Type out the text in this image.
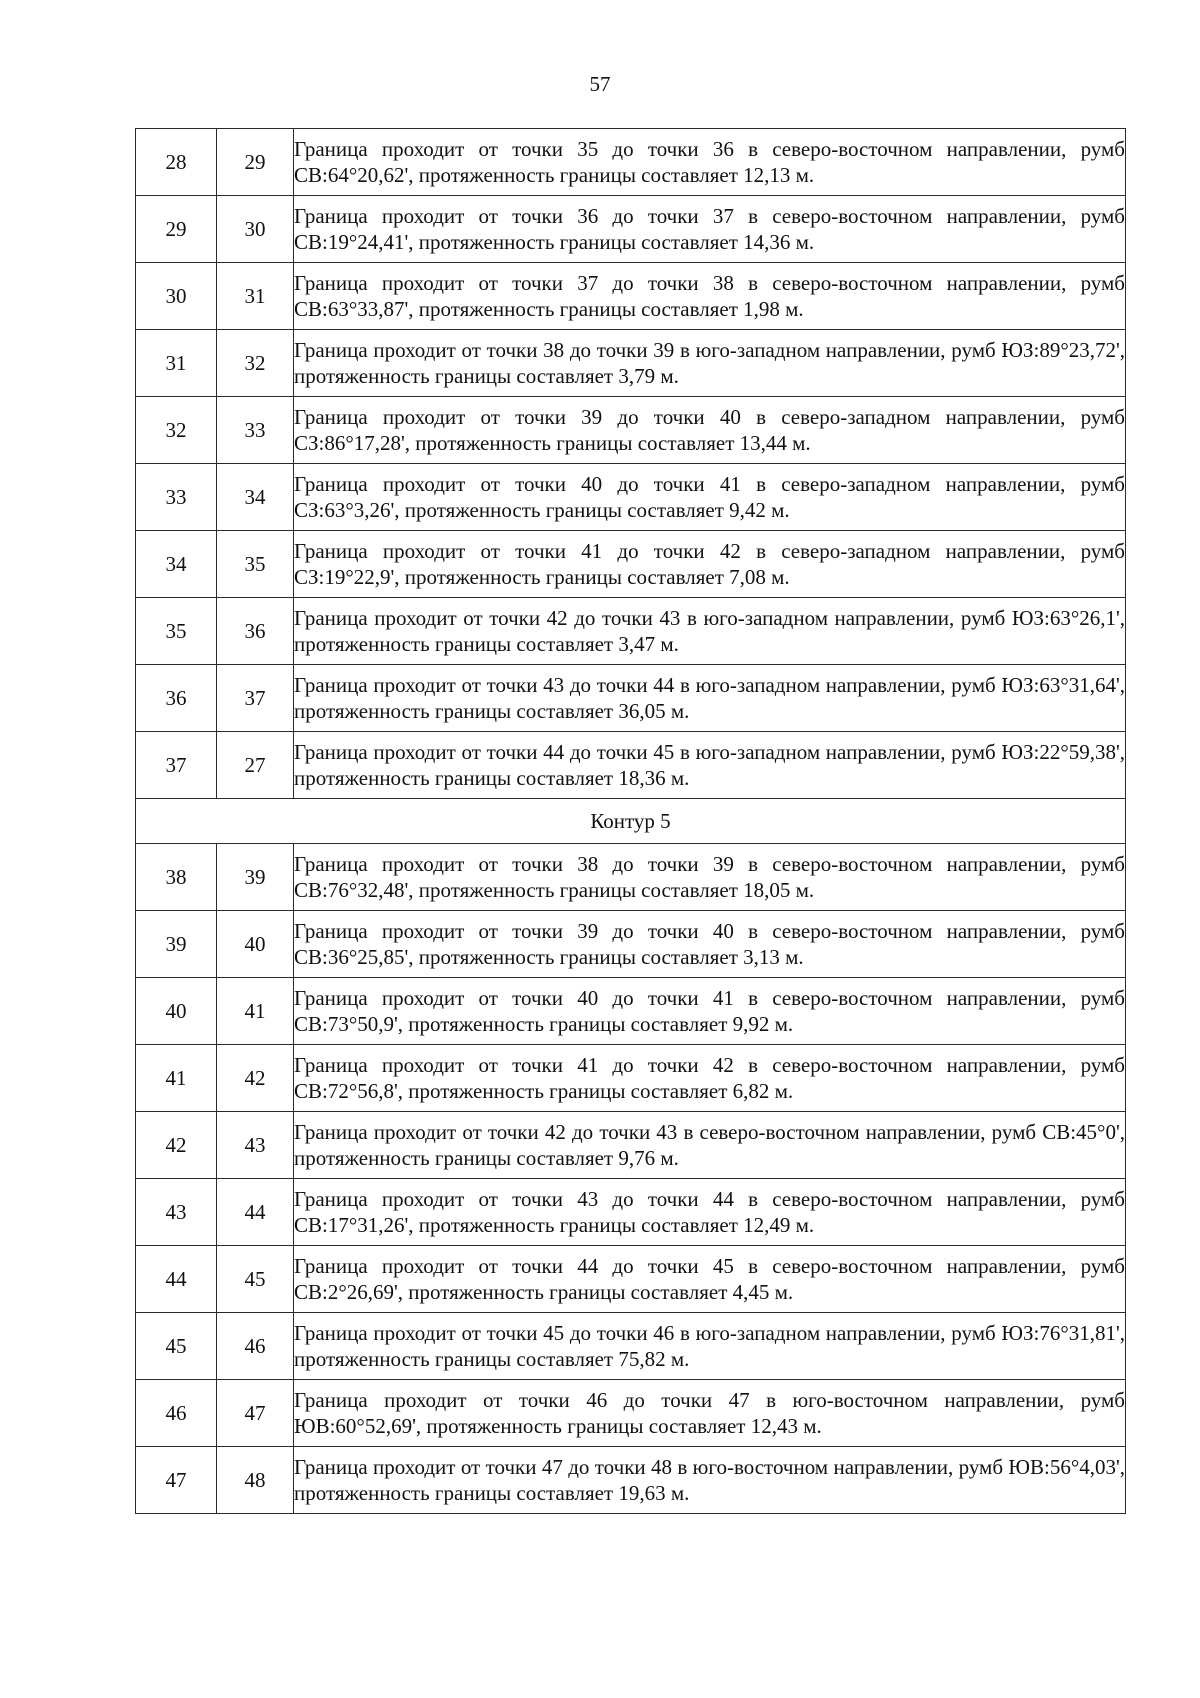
57
28	29	Граница проходит от точки 35 до точки 36 в северо-восточном направлении, румб СВ:64°20,62', протяженность границы составляет 12,13 м.
29	30	Граница проходит от точки 36 до точки 37 в северо-восточном направлении, румб СВ:19°24,41', протяженность границы составляет 14,36 м.
30	31	Граница проходит от точки 37 до точки 38 в северо-восточном направлении, румб СВ:63°33,87', протяженность границы составляет 1,98 м.
31	32	Граница проходит от точки 38 до точки 39 в юго-западном направлении, румб ЮЗ:89°23,72', протяженность границы составляет 3,79 м.
32	33	Граница проходит от точки 39 до точки 40 в северо-западном направлении, румб СЗ:86°17,28', протяженность границы составляет 13,44 м.
33	34	Граница проходит от точки 40 до точки 41 в северо-западном направлении, румб СЗ:63°3,26', протяженность границы составляет 9,42 м.
34	35	Граница проходит от точки 41 до точки 42 в северо-западном направлении, румб СЗ:19°22,9', протяженность границы составляет 7,08 м.
35	36	Граница проходит от точки 42 до точки 43 в юго-западном направлении, румб ЮЗ:63°26,1', протяженность границы составляет 3,47 м.
36	37	Граница проходит от точки 43 до точки 44 в юго-западном направлении, румб ЮЗ:63°31,64', протяженность границы составляет 36,05 м.
37	27	Граница проходит от точки 44 до точки 45 в юго-западном направлении, румб ЮЗ:22°59,38', протяженность границы составляет 18,36 м.
Контур 5		
38	39	Граница проходит от точки 38 до точки 39 в северо-восточном направлении, румб СВ:76°32,48', протяженность границы составляет 18,05 м.
39	40	Граница проходит от точки 39 до точки 40 в северо-восточном направлении, румб СВ:36°25,85', протяженность границы составляет 3,13 м.
40	41	Граница проходит от точки 40 до точки 41 в северо-восточном направлении, румб СВ:73°50,9', протяженность границы составляет 9,92 м.
41	42	Граница проходит от точки 41 до точки 42 в северо-восточном направлении, румб СВ:72°56,8', протяженность границы составляет 6,82 м.
42	43	Граница проходит от точки 42 до точки 43 в северо-восточном направлении, румб СВ:45°0', протяженность границы составляет 9,76 м.
43	44	Граница проходит от точки 43 до точки 44 в северо-восточном направлении, румб СВ:17°31,26', протяженность границы составляет 12,49 м.
44	45	Граница проходит от точки 44 до точки 45 в северо-восточном направлении, румб СВ:2°26,69', протяженность границы составляет 4,45 м.
45	46	Граница проходит от точки 45 до точки 46 в юго-западном направлении, румб ЮЗ:76°31,81', протяженность границы составляет 75,82 м.
46	47	Граница проходит от точки 46 до точки 47 в юго-восточном направлении, румб ЮВ:60°52,69', протяженность границы составляет 12,43 м.
47	48	Граница проходит от точки 47 до точки 48 в юго-восточном направлении, румб ЮВ:56°4,03', протяженность границы составляет 19,63 м.
